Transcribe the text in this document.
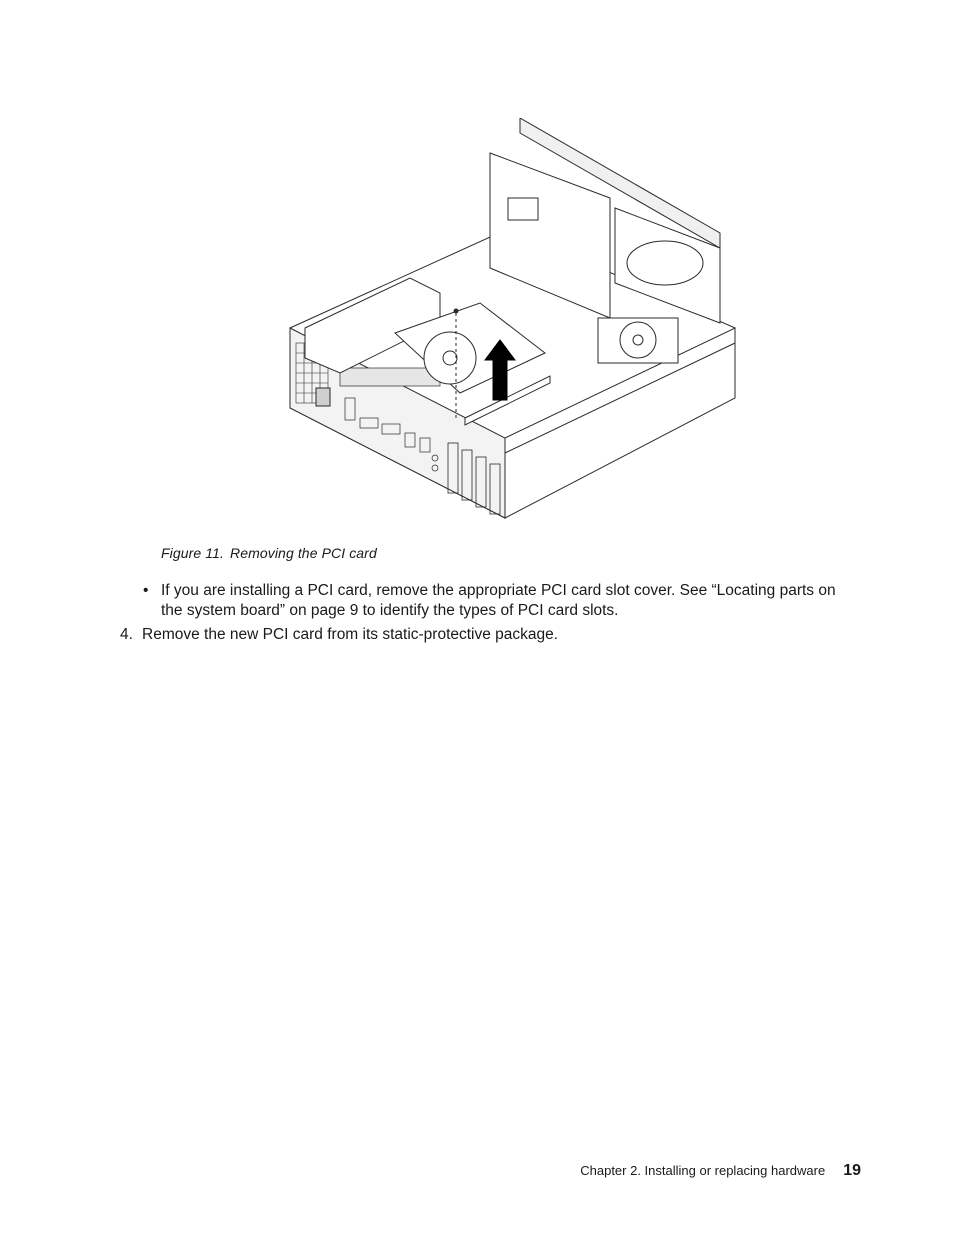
Figure 11. Removing the PCI card
• If you are installing a PCI card, remove the appropriate PCI card slot cover. See “Locating parts on the system board” on page 9 to identify the types of PCI card slots.
4. Remove the new PCI card from its static-protective package.
Chapter 2. Installing or replacing hardware 19
